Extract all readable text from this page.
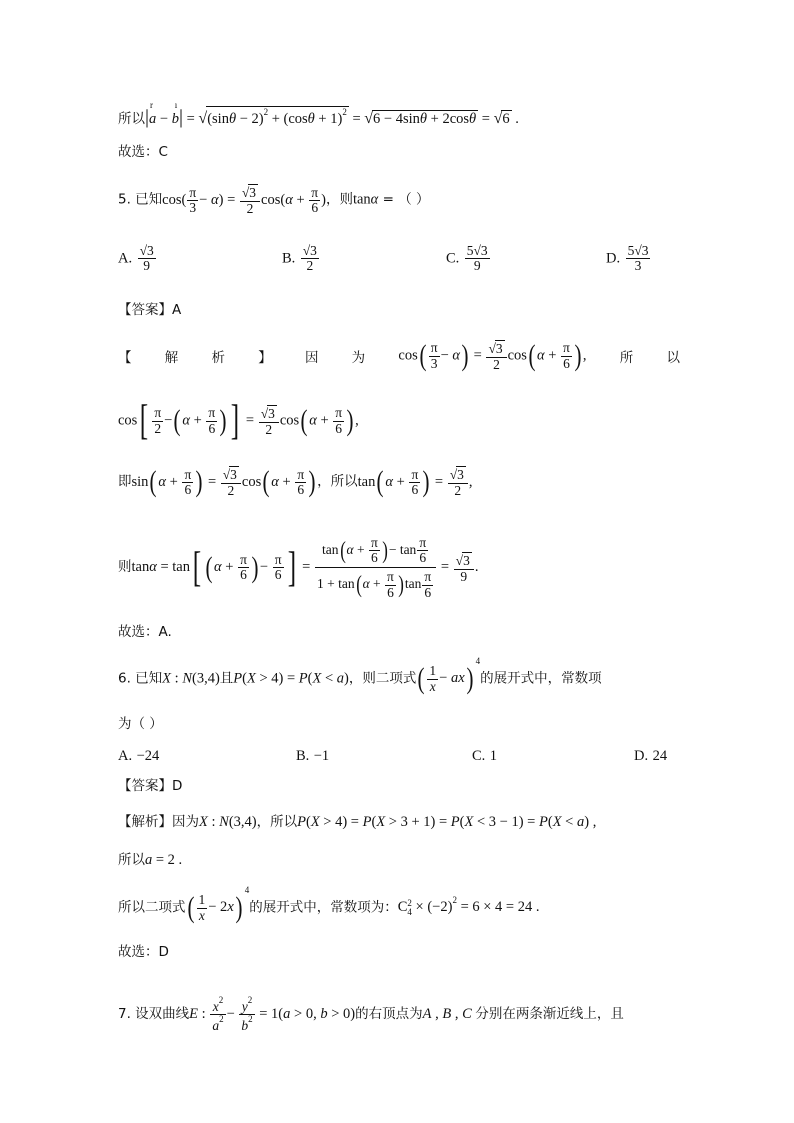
所以|a
r
− b
ı
| = $√(\sin\theta - 2)^2 + (\cos\theta + 1)^2 = √6 - 4\sin\theta + 2\cos\theta = √6$ .
故选：C
5. 已知$\cos( \frac{\pi}{3} - \alpha) = \frac{√3}{2} \cos(\alpha + \frac{\pi}{6}$ )，则tanα = （ ）
A. $\frac{√3}{9}$	B. $\frac{√3}{2}$	C. $\frac{5√3}{9}$	D. $\frac{5√3}{3}$
【答案】A
【 解 析 】 因 为 $\cos( \frac{\pi}{3} - \alpha) = \frac{√3}{2} \cos$( $\alpha + \frac{\pi}{6}$ ) , 所 以
$\cos[ \frac{\pi}{2}$ −( $\alpha + \frac{\pi}{6}$ ) ] = $\frac{√3}{2} \cos$( $\alpha + \frac{\pi}{6}$ ) ,
即sin( $\alpha + \frac{\pi}{6}$ ) = $\frac{√3}{2} \cos$( $\alpha + \frac{\pi}{6}$ ) ，所以tan( $\alpha + \frac{\pi}{6}$ ) = $\frac{√3}{2}$ ,
则tanα = tan[ ( $\alpha + \frac{\pi}{6}$ ) − $\frac{\pi}{6}$ ] = $\frac{\tan(\alpha + \frac{\pi}{6} )- \tan \frac{\pi}{6}}{1 + \tan(\alpha + \frac{\pi}{6} )\tan \frac{\pi}{6}} = \frac{√3}{9}$ .
故选：A.
6. 已知X : N(3,4)且P(X > 4) = P(X < a)，则二项式( $\frac{1}{x} - ax)^4$的展开式中，常数项
为（ ）
A. −24	B. −1	C. 1	D. 24
【答案】D
【解析】因为X : N(3,4)，所以P(X > 4) = P(X > 3 + 1) = P(X < 3 − 1) = P(X < a) ,
所以a = 2 .
所以二项式( $\frac{1}{x} - 2x)^4$的展开式中，常数项为：C 2
$4 \times (-2)^2 = 6 \times 4 = 24$ .
故选：D
7. 设双曲线E : $\frac{x^2}{a^2} - \frac{y^2}{b^2} = 1(a > 0$, b > 0)的右顶点为A , B , C 分别在两条渐近线上，且
